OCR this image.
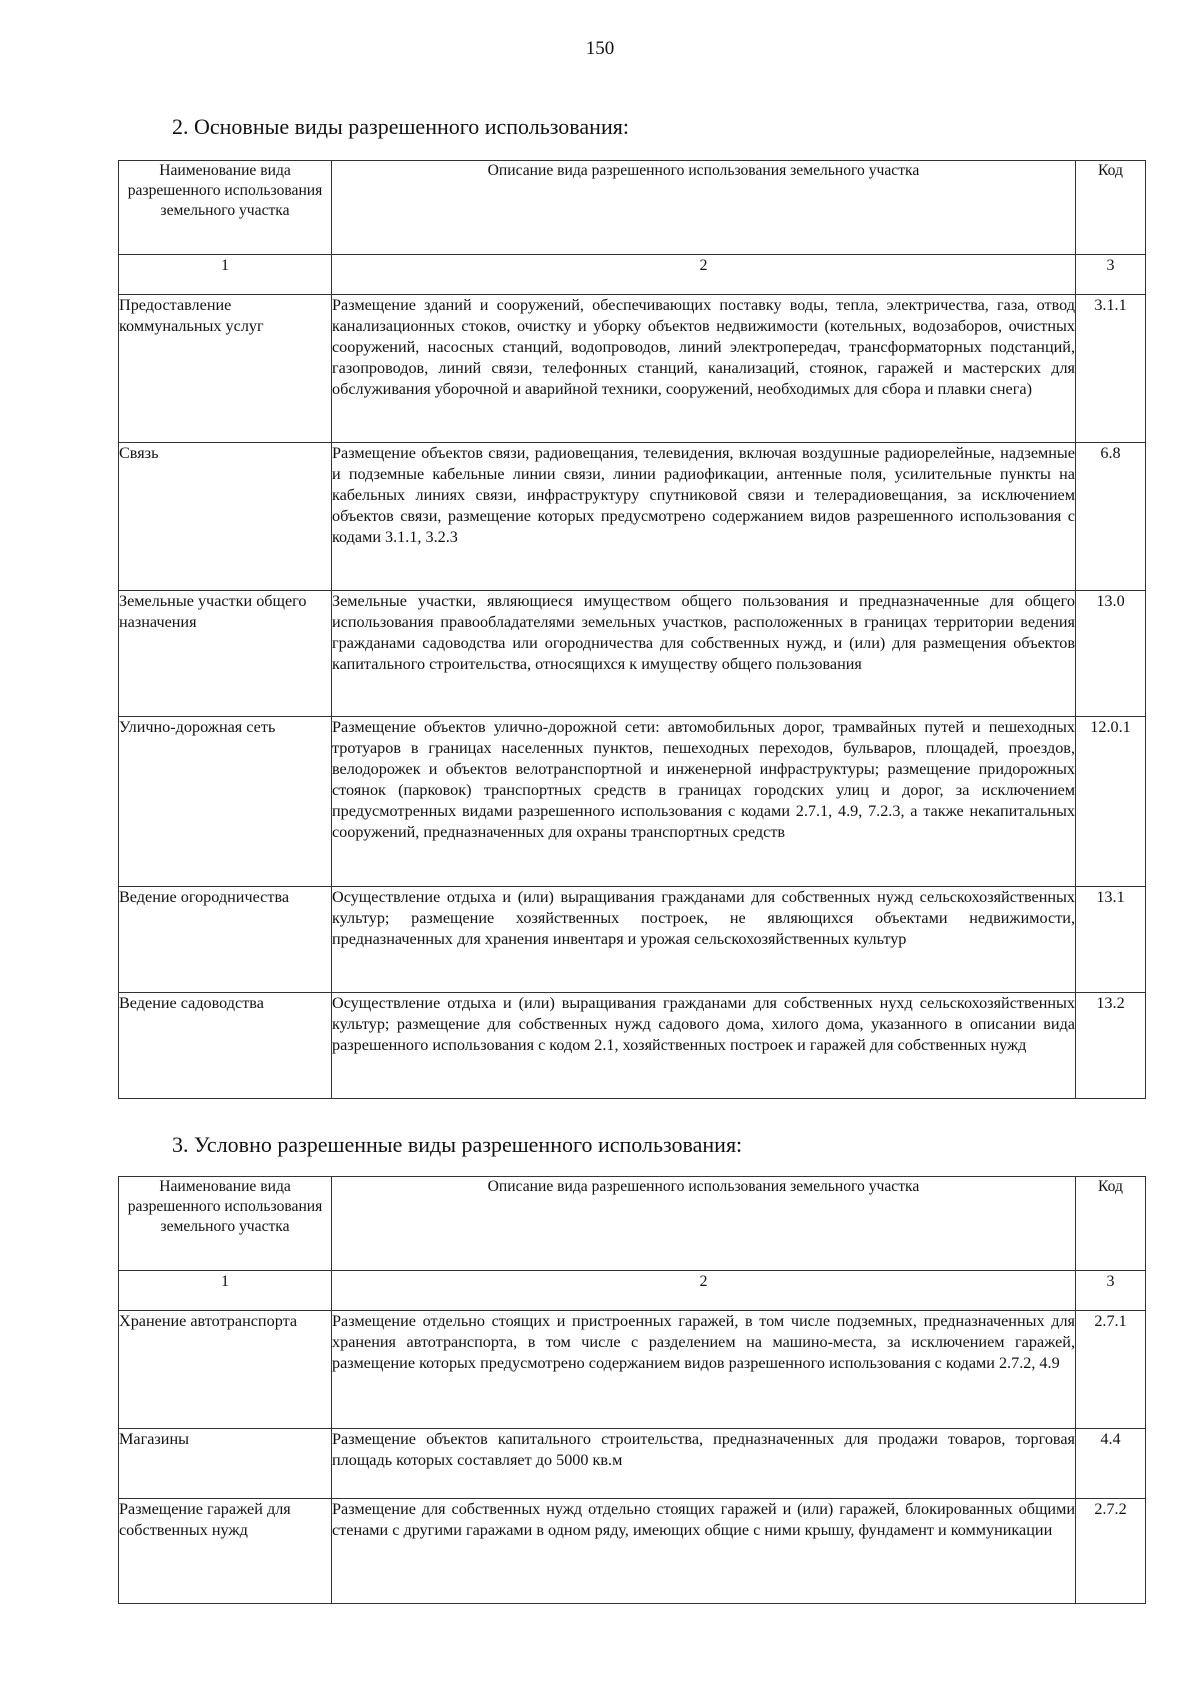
150
2. Основные виды разрешенного использования:
Наименование вида разрешенного использования земельного участка	Описание вида разрешенного использования земельного участка	Код
1	2	3
Предоставление коммунальных услуг	Размещение зданий и сооружений, обеспечивающих поставку воды, тепла, электричества, газа, отвод канализационных стоков, очистку и уборку объектов недвижимости (котельных, водозаборов, очистных сооружений, насосных станций, водопроводов, линий электропередач, трансформаторных подстанций, газопроводов, линий связи, телефонных станций, канализаций, стоянок, гаражей и мастерских для обслуживания уборочной и аварийной техники, сооружений, необходимых для сбора и плавки снега)	3.1.1
Связь	Размещение объектов связи, радиовещания, телевидения, включая воздушные радиорелейные, надземные и подземные кабельные линии связи, линии радиофикации, антенные поля, усилительные пункты на кабельных линиях связи, инфраструктуру спутниковой связи и телерадиовещания, за исключением объектов связи, размещение которых предусмотрено содержанием видов разрешенного использования с кодами 3.1.1, 3.2.3	6.8
Земельные участки общего назначения	Земельные участки, являющиеся имуществом общего пользования и предназначенные для общего использования правообладателями земельных участков, расположенных в границах территории ведения гражданами садоводства или огородничества для собственных нужд, и (или) для размещения объектов капитального строительства, относящихся к имуществу общего пользования	13.0
Улично-дорожная сеть	Размещение объектов улично-дорожной сети: автомобильных дорог, трамвайных путей и пешеходных тротуаров в границах населенных пунктов, пешеходных переходов, бульваров, площадей, проездов, велодорожек и объектов велотранспортной и инженерной инфраструктуры; размещение придорожных стоянок (парковок) транспортных средств в границах городских улиц и дорог, за исключением предусмотренных видами разрешенного использования с кодами 2.7.1, 4.9, 7.2.3, а также некапитальных сооружений, предназначенных для охраны транспортных средств	12.0.1
Ведение огородничества	Осуществление отдыха и (или) выращивания гражданами для собственных нужд сельскохозяйственных культур; размещение хозяйственных построек, не являющихся объектами недвижимости, предназначенных для хранения инвентаря и урожая сельскохозяйственных культур	13.1
Ведение садоводства	Осуществление отдыха и (или) выращивания гражданами для собственных нухд сельскохозяйственных культур; размещение для собственных нужд садового дома, хилого дома, указанного в описании вида разрешенного использования с кодом 2.1, хозяйственных построек и гаражей для собственных нужд	13.2
3. Условно разрешенные виды разрешенного использования:
Наименование вида разрешенного использования земельного участка	Описание вида разрешенного использования земельного участка	Код
1	2	3
Хранение автотранспорта	Размещение отдельно стоящих и пристроенных гаражей, в том числе подземных, предназначенных для хранения автотранспорта, в том числе с разделением на машино-места, за исключением гаражей, размещение которых предусмотрено содержанием видов разрешенного использования с кодами 2.7.2, 4.9	2.7.1
Магазины	Размещение объектов капитального строительства, предназначенных для продажи товаров, торговая площадь которых составляет до 5000 кв.м	4.4
Размещение гаражей для собственных нужд	Размещение для собственных нужд отдельно стоящих гаражей и (или) гаражей, блокированных общими стенами с другими гаражами в одном ряду, имеющих общие с ними крышу, фундамент и коммуникации	2.7.2
